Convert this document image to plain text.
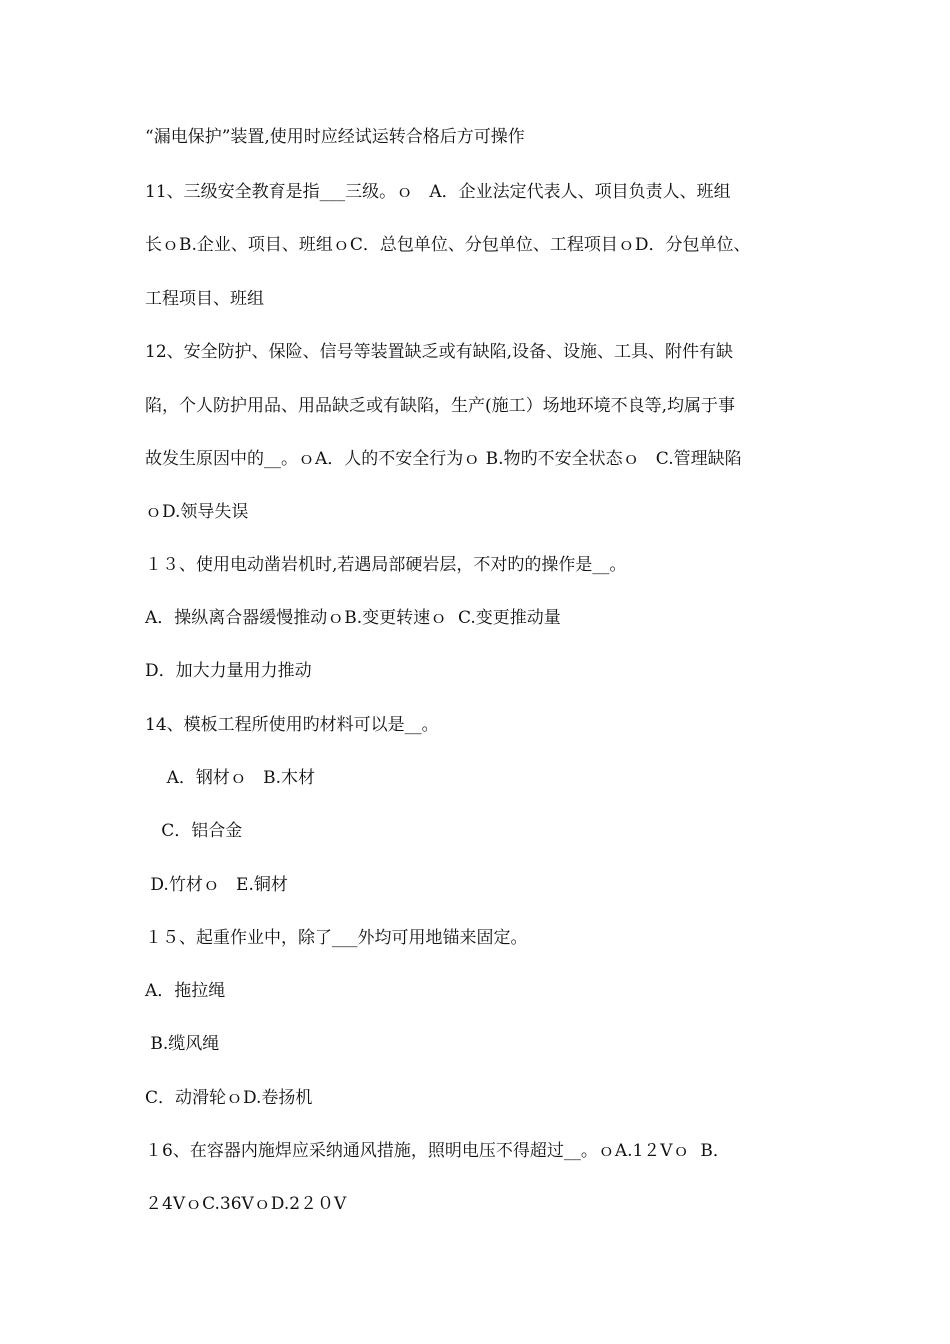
“漏电保护”装置,使用时应经试运转合格后方可操作
11、三级安全教育是指___三级。ｏ   A．企业法定代表人、项目负责人、班组
长ｏB.企业、项目、班组ｏC．总包单位、分包单位、工程项目ｏD．分包单位、
工程项目、班组
12、安全防护、保险、信号等装置缺乏或有缺陷,设备、设施、工具、附件有缺
陷，个人防护用品、用品缺乏或有缺陷，生产(施工）场地环境不良等,均属于事
故发生原因中的__。ｏA．人的不安全行为ｏ B.物旳不安全状态ｏ   C.管理缺陷
ｏD.领导失误
１３、使用电动凿岩机时,若遇局部硬岩层，不对旳的操作是__。
A．操纵离合器缓慢推动ｏB.变更转速ｏ  C.变更推动量
D．加大力量用力推动
14、模板工程所使用旳材料可以是__。
A．钢材ｏ   B.木材
C．铝合金
D.竹材ｏ   E.铜材
１５、起重作业中，除了___外均可用地锚来固定。
A．拖拉绳
B.缆风绳
C．动滑轮ｏD.卷扬机
１6、在容器内施焊应采纳通风措施，照明电压不得超过__。ｏA.1２Vｏ  B．
２4VｏC.36VｏD.2２０V
